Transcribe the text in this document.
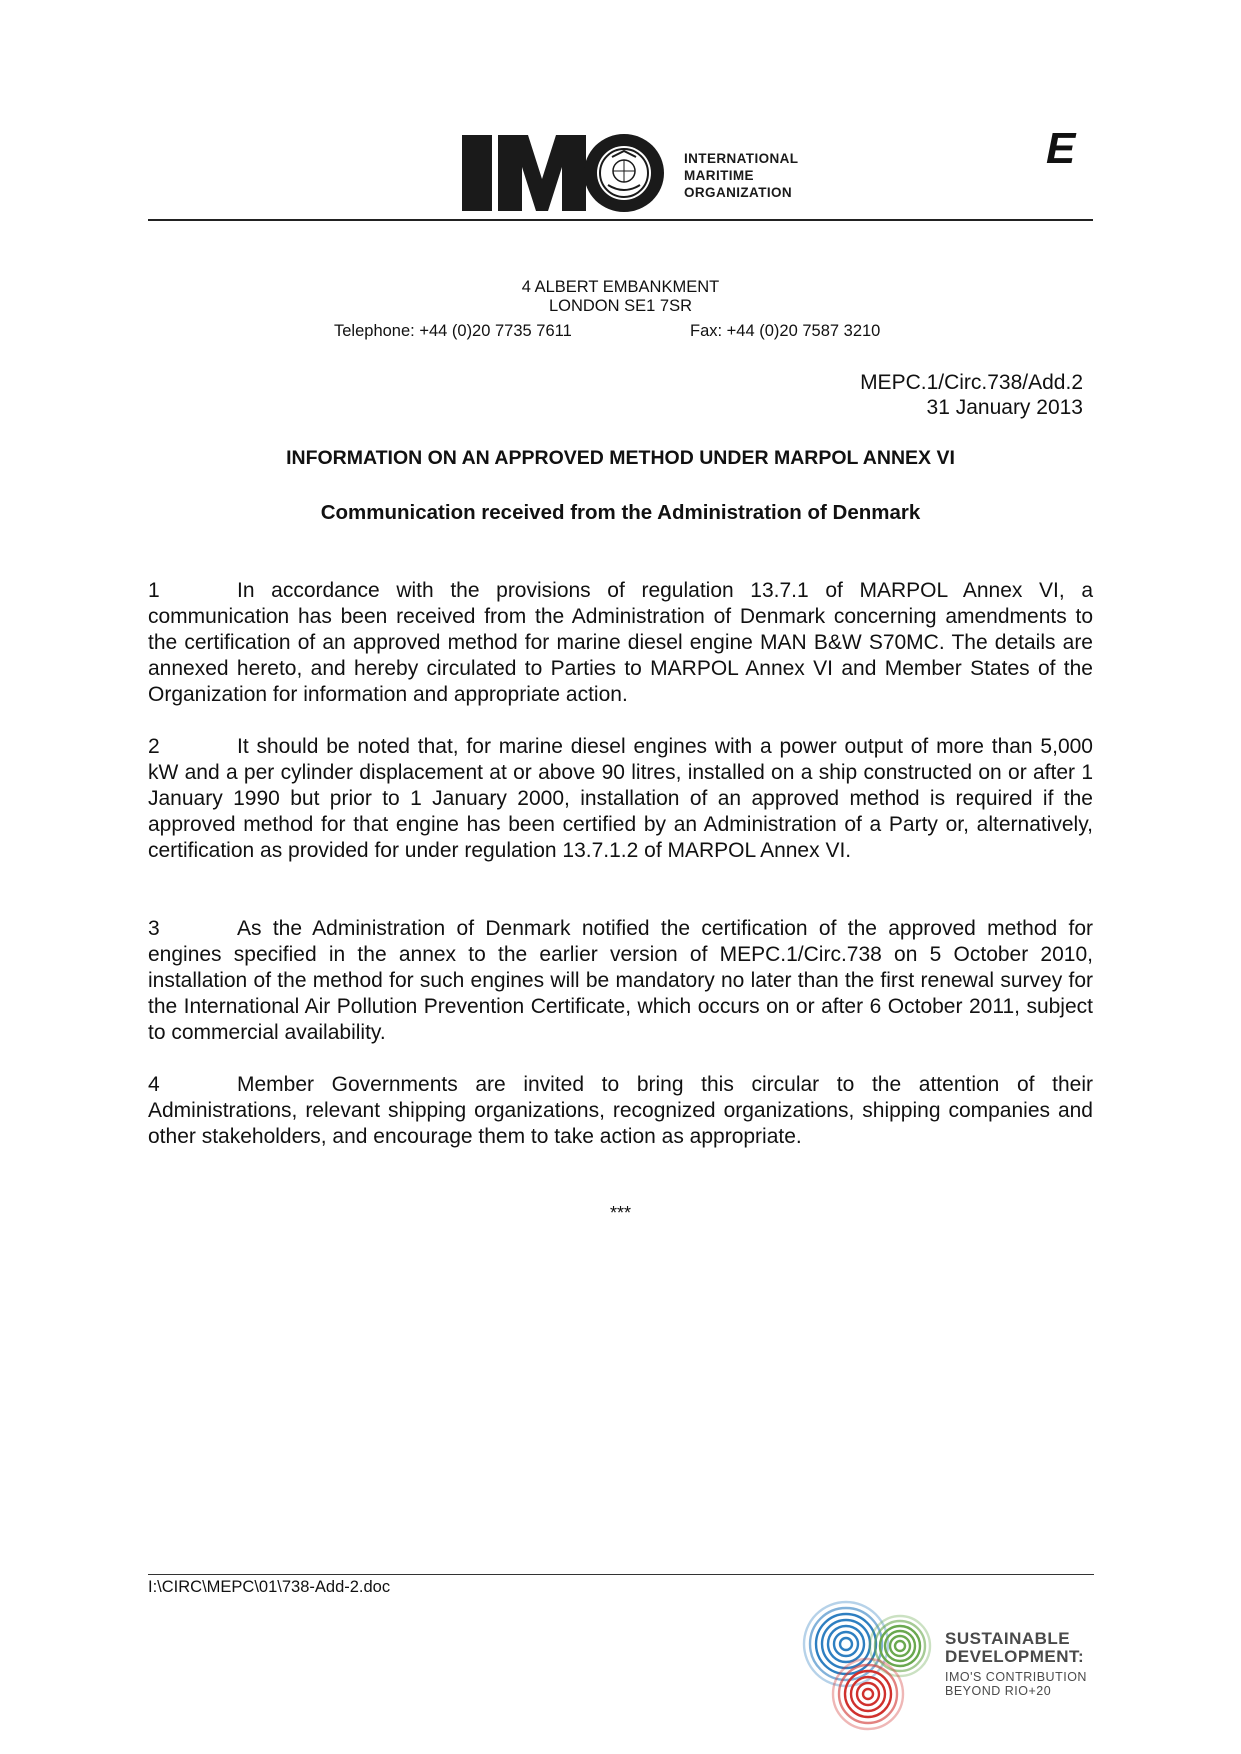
INTERNATIONAL
MARITIME
ORGANIZATION
E
4 ALBERT EMBANKMENT
LONDON SE1 7SR
Telephone: +44 (0)20 7735 7611	Fax: +44 (0)20 7587 3210
MEPC.1/Circ.738/Add.2
31 January 2013
INFORMATION ON AN APPROVED METHOD UNDER MARPOL ANNEX VI
Communication received from the Administration of Denmark
1	In accordance with the provisions of regulation 13.7.1 of MARPOL Annex VI, a communication has been received from the Administration of Denmark concerning amendments to the certification of an approved method for marine diesel engine MAN B&W S70MC. The details are annexed hereto, and hereby circulated to Parties to MARPOL Annex VI and Member States of the Organization for information and appropriate action.
2	It should be noted that, for marine diesel engines with a power output of more than 5,000 kW and a per cylinder displacement at or above 90 litres, installed on a ship constructed on or after 1 January 1990 but prior to 1 January 2000, installation of an approved method is required if the approved method for that engine has been certified by an Administration of a Party or, alternatively, certification as provided for under regulation 13.7.1.2 of MARPOL Annex VI.
3	As the Administration of Denmark notified the certification of the approved method for engines specified in the annex to the earlier version of MEPC.1/Circ.738 on 5 October 2010, installation of the method for such engines will be mandatory no later than the first renewal survey for the International Air Pollution Prevention Certificate, which occurs on or after 6 October 2011, subject to commercial availability.
4	Member Governments are invited to bring this circular to the attention of their Administrations, relevant shipping organizations, recognized organizations, shipping companies and other stakeholders, and encourage them to take action as appropriate.
***
I:\CIRC\MEPC\01\738-Add-2.doc
SUSTAINABLE
DEVELOPMENT:
IMO'S CONTRIBUTION
BEYOND RIO+20
